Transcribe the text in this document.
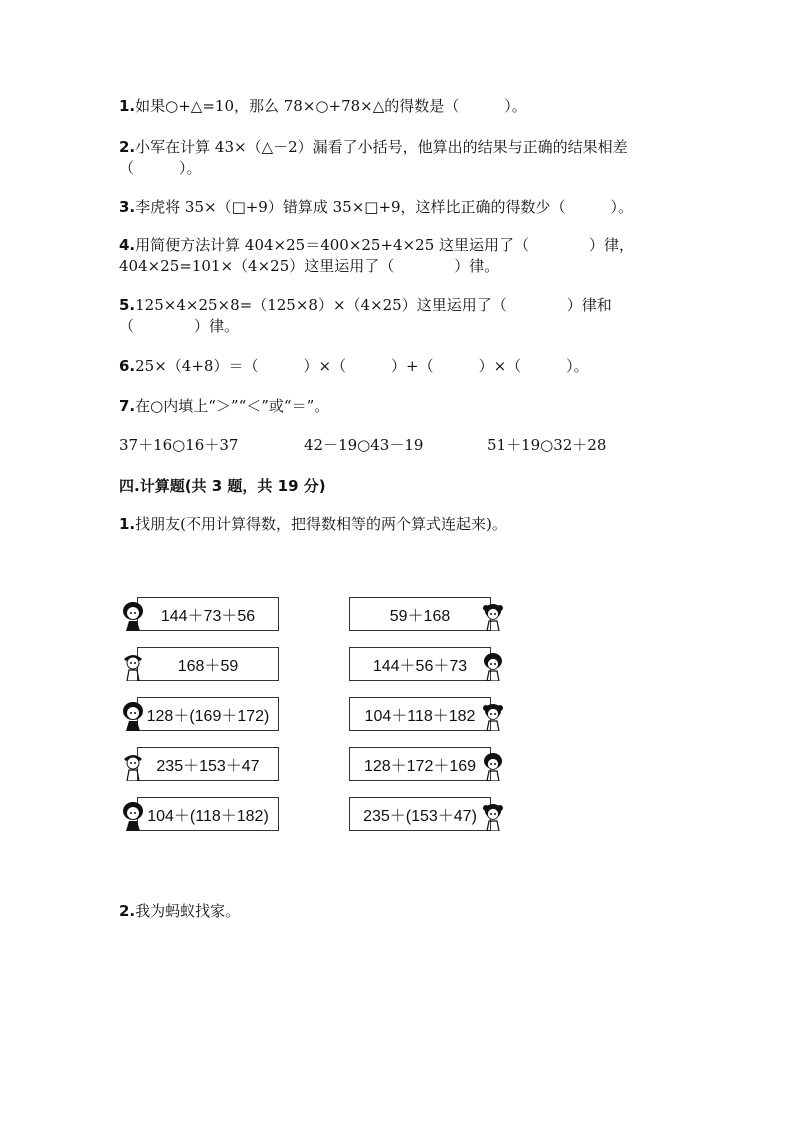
1.如果○+△=10，那么 78×○+78×△的得数是（　　　）。
2.小军在计算 43×（△－2）漏看了小括号，他算出的结果与正确的结果相差
（　　　）。
3.李虎将 35×（□+9）错算成 35×□+9，这样比正确的得数少（　　　）。
4.用简便方法计算 404×25＝400×25+4×25 这里运用了（　　　　）律，
404×25=101×（4×25）这里运用了（　　　　）律。
5.125×4×25×8=（125×8）×（4×25）这里运用了（　　　　）律和
（　　　　）律。
6.25×（4+8）＝（　　　）×（　　　）+（　　　）×（　　　）。
7.在○内填上“＞”“＜”或“＝”。
37＋16○16＋37	42－19○43－19	51＋19○32＋28
四.计算题(共 3 题，共 19 分)
1.找朋友(不用计算得数，把得数相等的两个算式连起来)。
144＋73＋56
168＋59
128＋(169＋172)
235＋153＋47
104＋(118＋182)
59＋168
144＋56＋73
104＋118＋182
128＋172＋169
235＋(153＋47)
2.我为蚂蚁找家。
